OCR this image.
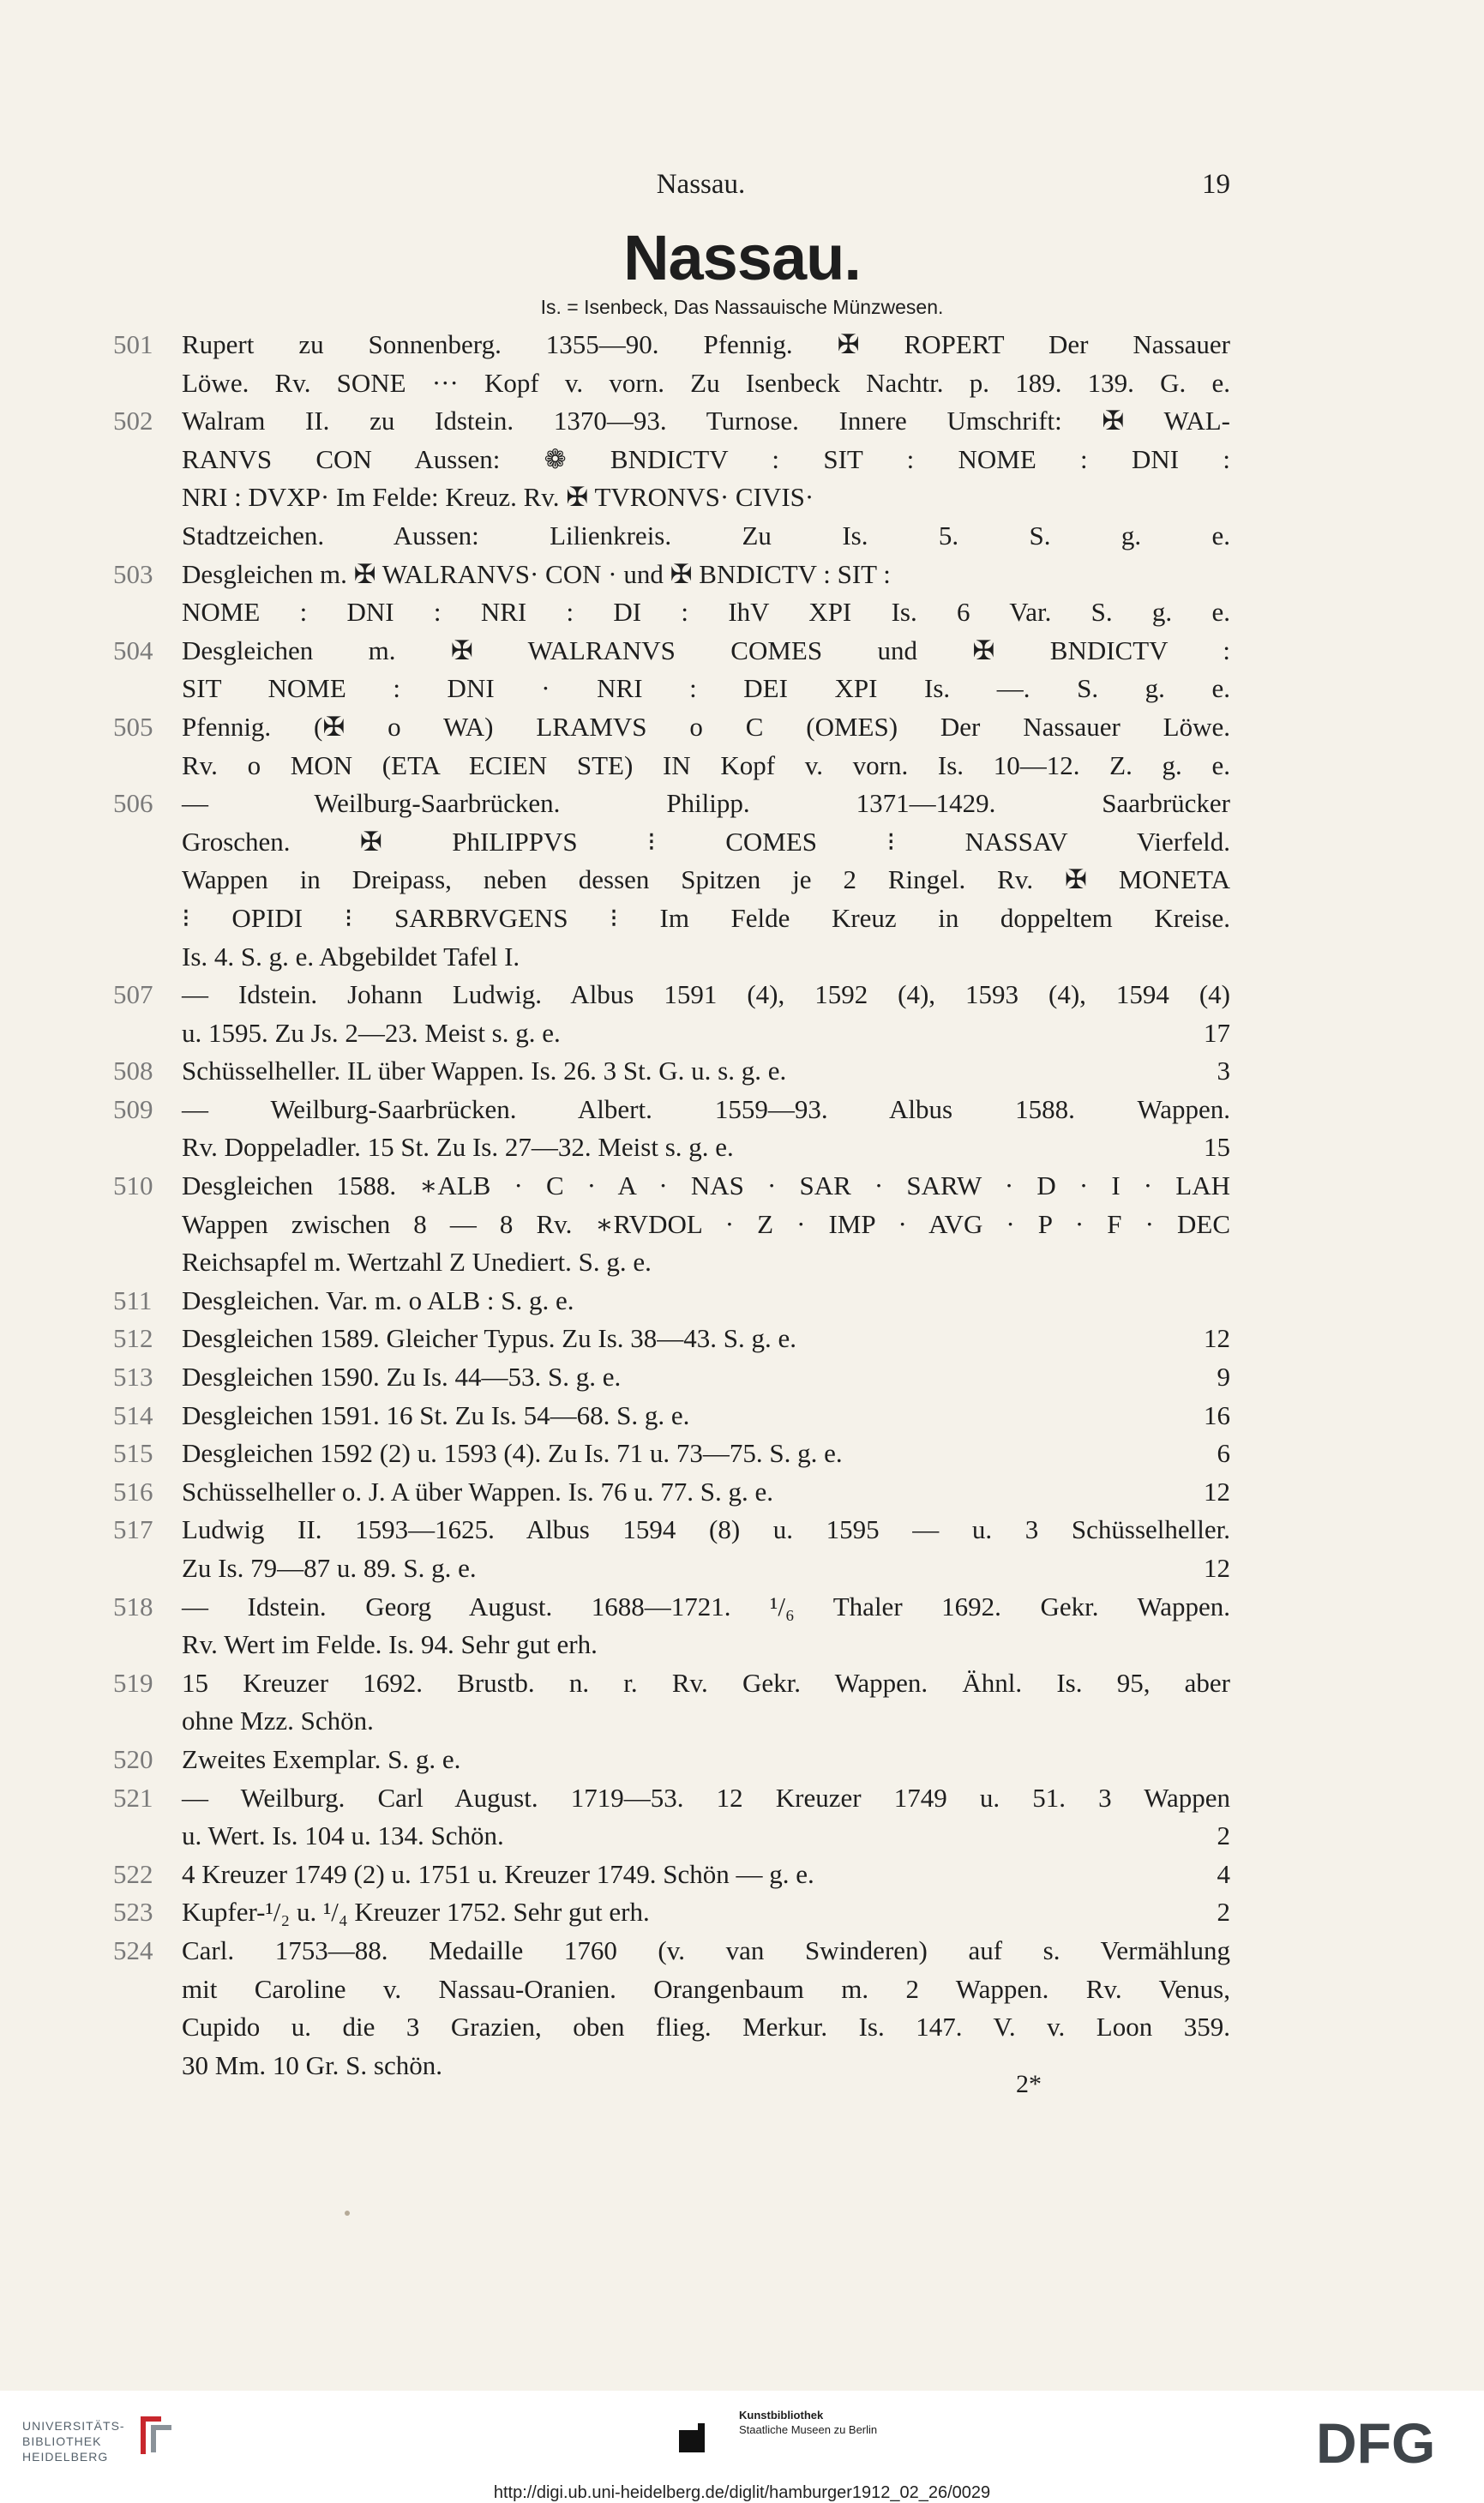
Nassau.	19
Nassau.
Is. = Isenbeck, Das Nassauische Münzwesen.
501	Rupert zu Sonnenberg. 1355—90. Pfennig. ✠ ROPERT Der Nassauer
Löwe. Rv. SONE ··· Kopf v. vorn. Zu Isenbeck Nachtr. p. 189. 139. G. e.
502	Walram II. zu Idstein. 1370—93. Turnose. Innere Umschrift: ✠ WAL-
RANVS CON Aussen: ❁ BNDICTV : SIT : NOME : DNI :
NRI : DVXP· Im Felde: Kreuz. Rv. ✠ TVRONVS· CIVIS·
Stadtzeichen. Aussen: Lilienkreis. Zu Is. 5. S. g. e.
503	Desgleichen m. ✠ WALRANVS· CON · und ✠ BNDICTV : SIT :
NOME : DNI : NRI : DI : IhV XPI Is. 6 Var. S. g. e.
504	Desgleichen m. ✠ WALRANVS COMES und ✠ BNDICTV :
SIT NOME : DNI · NRI : DEI XPI Is. —. S. g. e.
505	Pfennig. (✠ o WA) LRAMVS o C (OMES) Der Nassauer Löwe.
Rv. o MON (ETA ECIEN STE) IN Kopf v. vorn. Is. 10—12. Z. g. e.
506	— Weilburg-Saarbrücken. Philipp. 1371—1429. Saarbrücker
Groschen. ✠ PhILIPPVS ⁝ COMES ⁝ NASSAV Vierfeld.
Wappen in Dreipass, neben dessen Spitzen je 2 Ringel. Rv. ✠ MONETA
⁝ OPIDI ⁝ SARBRVGENS ⁝ Im Felde Kreuz in doppeltem Kreise.
Is. 4. S. g. e. Abgebildet Tafel I.
507	— Idstein. Johann Ludwig. Albus 1591 (4), 1592 (4), 1593 (4), 1594 (4)
u. 1595. Zu Js. 2—23. Meist s. g. e.	17
508	Schüsselheller. IL über Wappen. Is. 26. 3 St. G. u. s. g. e.	3
509	— Weilburg-Saarbrücken. Albert. 1559—93. Albus 1588. Wappen.
Rv. Doppeladler. 15 St. Zu Is. 27—32. Meist s. g. e.	15
510	Desgleichen 1588. ∗ALB · C · A · NAS · SAR · SARW · D · I · LAH
Wappen zwischen 8 — 8 Rv. ∗RVDOL · Z · IMP · AVG · P · F · DEC
Reichsapfel m. Wertzahl Z Unediert. S. g. e.
511	Desgleichen. Var. m. o ALB : S. g. e.
512	Desgleichen 1589. Gleicher Typus. Zu Is. 38—43. S. g. e.	12
513	Desgleichen 1590. Zu Is. 44—53. S. g. e.	9
514	Desgleichen 1591. 16 St. Zu Is. 54—68. S. g. e.	16
515	Desgleichen 1592 (2) u. 1593 (4). Zu Is. 71 u. 73—75. S. g. e.	6
516	Schüsselheller o. J. A über Wappen. Is. 76 u. 77. S. g. e.	12
517	Ludwig II. 1593—1625. Albus 1594 (8) u. 1595 — u. 3 Schüsselheller.
Zu Is. 79—87 u. 89. S. g. e.	12
518	— Idstein. Georg August. 1688—1721. ¹/₆ Thaler 1692. Gekr. Wappen.
Rv. Wert im Felde. Is. 94. Sehr gut erh.
519	15 Kreuzer 1692. Brustb. n. r. Rv. Gekr. Wappen. Ähnl. Is. 95, aber
ohne Mzz. Schön.
520	Zweites Exemplar. S. g. e.
521	— Weilburg. Carl August. 1719—53. 12 Kreuzer 1749 u. 51. 3 Wappen
u. Wert. Is. 104 u. 134. Schön.	2
522	4 Kreuzer 1749 (2) u. 1751 u. Kreuzer 1749. Schön — g. e.	4
523	Kupfer-¹/₂ u. ¹/₄ Kreuzer 1752. Sehr gut erh.	2
524	Carl. 1753—88. Medaille 1760 (v. van Swinderen) auf s. Vermählung
mit Caroline v. Nassau-Oranien. Orangenbaum m. 2 Wappen. Rv. Venus,
Cupido u. die 3 Grazien, oben flieg. Merkur. Is. 147. V. v. Loon 359.
30 Mm. 10 Gr. S. schön.
2*
UNIVERSITÄTS-
BIBLIOTHEK
HEIDELBERG
Kunstbibliothek
Staatliche Museen zu Berlin	DFG
http://digi.ub.uni-heidelberg.de/diglit/hamburger1912_02_26/0029
